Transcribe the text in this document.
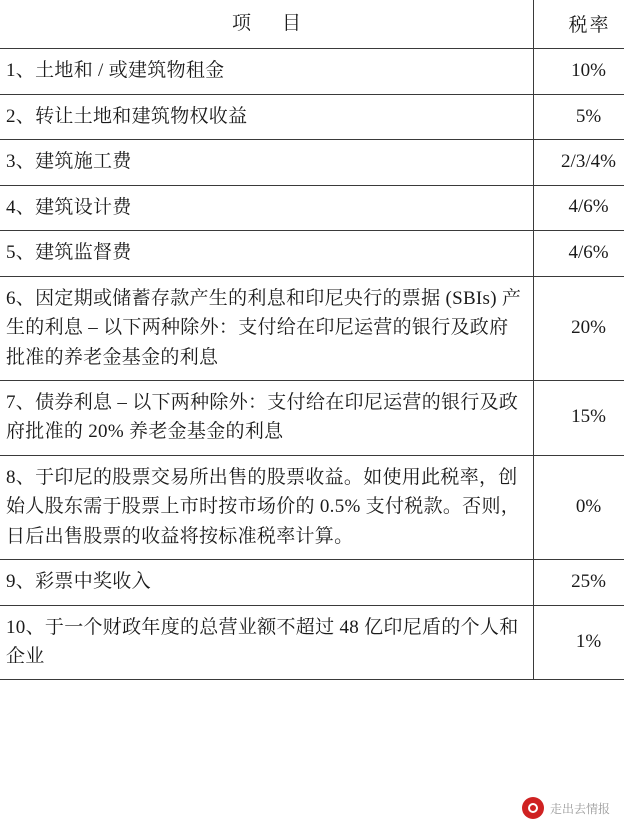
项　目	税率
1、土地和 / 或建筑物租金	10%
2、转让土地和建筑物权收益	5%
3、建筑施工费	2/3/4%
4、建筑设计费	4/6%
5、建筑监督费	4/6%
6、因定期或储蓄存款产生的利息和印尼央行的票据 (SBIs) 产生的利息 – 以下两种除外：支付给在印尼运营的银行及政府批准的养老金基金的利息	20%
7、债券利息 – 以下两种除外：支付给在印尼运营的银行及政府批准的 20% 养老金基金的利息	15%
8、于印尼的股票交易所出售的股票收益。如使用此税率，创始人股东需于股票上市时按市场价的 0.5% 支付税款。否则，日后出售股票的收益将按标准税率计算。	0%
9、彩票中奖收入	25%
10、于一个财政年度的总营业额不超过 48 亿印尼盾的个人和企业	1%
走出去情报
